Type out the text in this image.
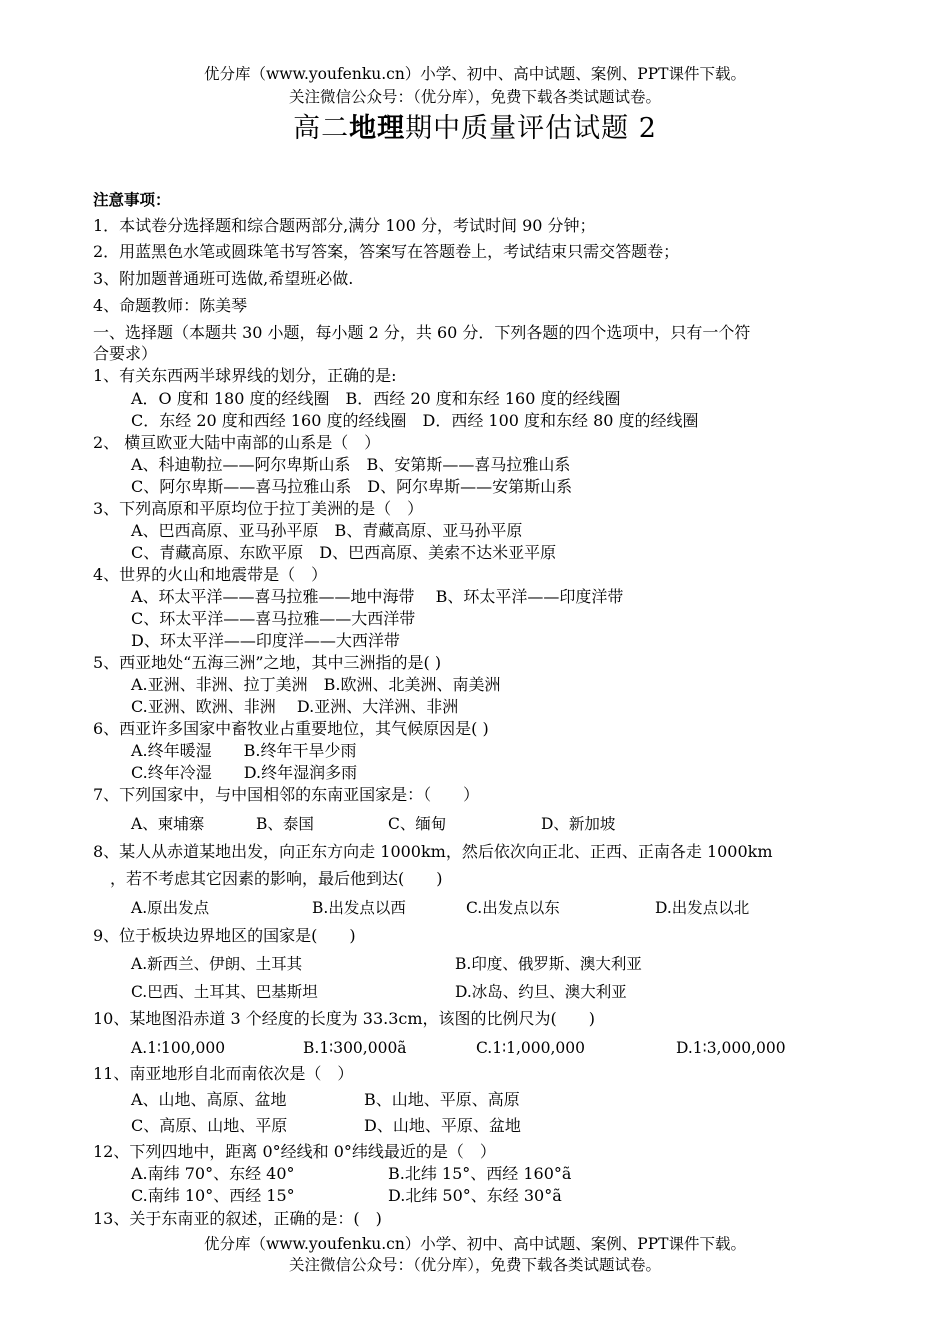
优分库（www.youfenku.cn）小学、初中、高中试题、案例、PPT课件下载。
关注微信公众号：（优分库），免费下载各类试题试卷。
高二地理期中质量评估试题 2
注意事项：
1．本试卷分选择题和综合题两部分,满分 100 分，考试时间 90 分钟；
2．用蓝黑色水笔或圆珠笔书写答案，答案写在答题卷上，考试结束只需交答题卷；
3、附加题普通班可选做,希望班必做.
4、命题教师：陈美琴
一、选择题（本题共 30 小题，每小题 2 分，共 60 分．下列各题的四个选项中，只有一个符
合要求）
1、有关东西两半球界线的划分，正确的是:
A．O 度和 180 度的经线圈　B．西经 20 度和东经 160 度的经线圈
C．东经 20 度和西经 160 度的经线圈　D．西经 100 度和东经 80 度的经线圈
2、 横亘欧亚大陆中南部的山系是（　）
A、科迪勒拉——阿尔卑斯山系　B、安第斯——喜马拉雅山系
C、阿尔卑斯——喜马拉雅山系　D、阿尔卑斯——安第斯山系
3、下列高原和平原均位于拉丁美洲的是（　）
A、巴西高原、亚马孙平原　B、青藏高原、亚马孙平原
C、青藏高原、东欧平原　D、巴西高原、美索不达米亚平原
4、世界的火山和地震带是（　）
A、环太平洋——喜马拉雅——地中海带　 B、环太平洋——印度洋带
C、环太平洋——喜马拉雅——大西洋带
D、环太平洋——印度洋——大西洋带
5、西亚地处“五海三洲”之地，其中三洲指的是( )
A.亚洲、非洲、拉丁美洲　B.欧洲、北美洲、南美洲
C.亚洲、欧洲、非洲　 D.亚洲、大洋洲、非洲
6、西亚许多国家中畜牧业占重要地位，其气候原因是( )
A.终年暖湿　　B.终年干旱少雨
C.终年冷湿　　D.终年湿润多雨
7、下列国家中，与中国相邻的东南亚国家是：（　　）
A、柬埔寨	B、泰国	C、缅甸	D、新加坡
8、某人从赤道某地出发，向正东方向走 1000km，然后依次向正北、正西、正南各走 1000km
，若不考虑其它因素的影响，最后他到达(　　)
A.原出发点	B.出发点以西	C.出发点以东	D.出发点以北
9、位于板块边界地区的国家是(　　)
A.新西兰、伊朗、土耳其	B.印度、俄罗斯、澳大利亚
C.巴西、土耳其、巴基斯坦	D.冰岛、约旦、澳大利亚
10、某地图沿赤道 3 个经度的长度为 33.3cm，该图的比例尺为(　　)
A.1∶100,000	B.1∶300,000ã	C.1∶1,000,000	D.1∶3,000,000
11、南亚地形自北而南依次是（　）
A、山地、高原、盆地	B、山地、平原、高原
C、高原、山地、平原	D、山地、平原、盆地
12、下列四地中，距离 0°经线和 0°纬线最近的是（　）
A.南纬 70°、东经 40°	B.北纬 15°、西经 160°ã
C.南纬 10°、西经 15°	D.北纬 50°、东经 30°ã
13、关于东南亚的叙述，正确的是：(　)
优分库（www.youfenku.cn）小学、初中、高中试题、案例、PPT课件下载。
关注微信公众号：（优分库），免费下载各类试题试卷。
